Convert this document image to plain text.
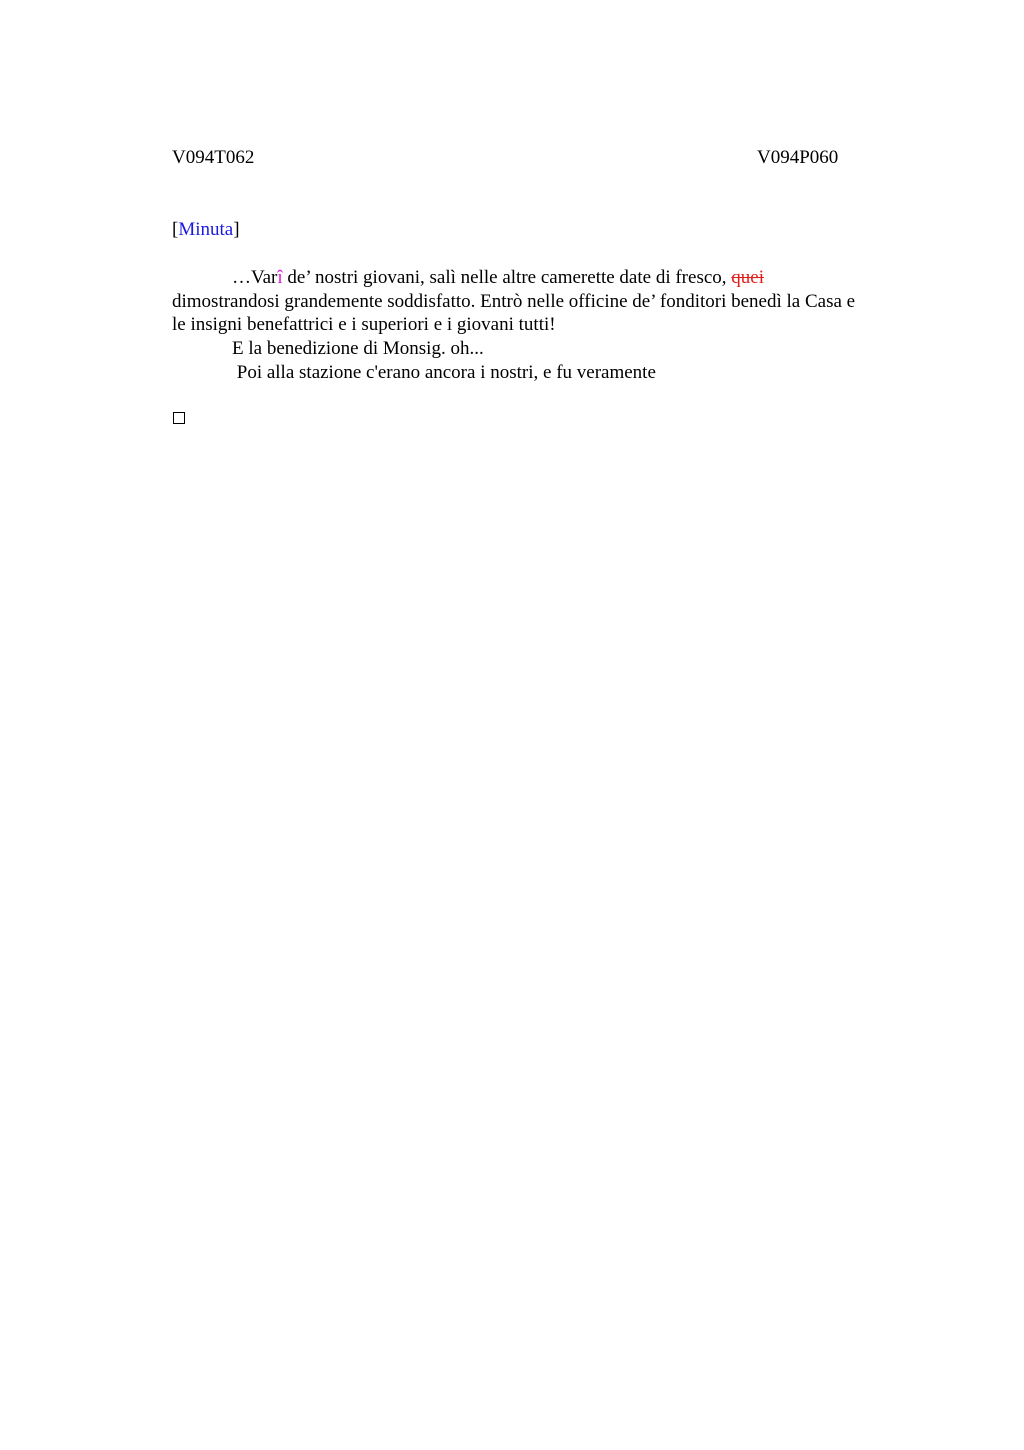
V094T062	V094P060
[Minuta]

…Varî de’ nostri giovani, salì nelle altre camerette date di fresco, quei

dimostrandosi grandemente soddisfatto. Entrò nelle officine de’ fonditori benedì la Casa e
le insigni benefattrici e i superiori e i giovani tutti!

E la benedizione di Monsig. oh...

Poi alla stazione c'erano ancora i nostri, e fu veramente
